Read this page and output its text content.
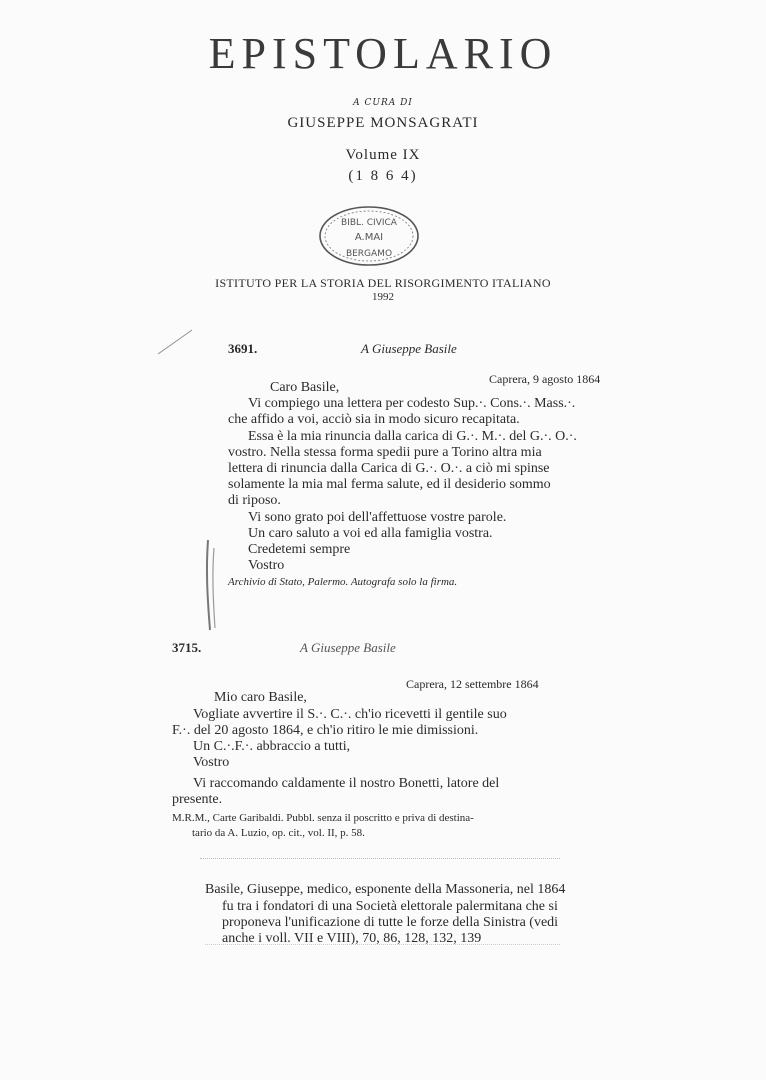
EPISTOLARIO
A CURA DI
GIUSEPPE MONSAGRATI
Volume IX
(1 8 6 4)
BIBL. CIVICA
A.MAI
BERGAMO
ISTITUTO PER LA STORIA DEL RISORGIMENTO ITALIANO
1992
3691.	A Giuseppe Basile
Caprera, 9 agosto 1864
Caro Basile,
Vi compiego una lettera per codesto Sup.·. Cons.·. Mass.·.
che affido a voi, acciò sia in modo sicuro recapitata.
Essa è la mia rinuncia dalla carica di G.·. M.·. del G.·. O.·.
vostro. Nella stessa forma spedii pure a Torino altra mia
lettera di rinuncia dalla Carica di G.·. O.·. a ciò mi spinse
solamente la mia mal ferma salute, ed il desiderio sommo
di riposo.
Vi sono grato poi dell'affettuose vostre parole.
Un caro saluto a voi ed alla famiglia vostra.
Credetemi sempre
Vostro
Archivio di Stato, Palermo. Autografa solo la firma.
3715.	A Giuseppe Basile
Caprera, 12 settembre 1864
Mio caro Basile,
Vogliate avvertire il S.·. C.·. ch'io ricevetti il gentile suo
F.·. del 20 agosto 1864, e ch'io ritiro le mie dimissioni.
Un C.·.F.·. abbraccio a tutti,
Vostro
Vi raccomando caldamente il nostro Bonetti, latore del
presente.
M.R.M., Carte Garibaldi. Pubbl. senza il poscritto e priva di destina-
tario da A. Luzio, op. cit., vol. II, p. 58.
Basile, Giuseppe, medico, esponente della Massoneria, nel 1864
fu tra i fondatori di una Società elettorale palermitana che si
proponeva l'unificazione di tutte le forze della Sinistra (vedi
anche i voll. VII e VIII), 70, 86, 128, 132, 139
